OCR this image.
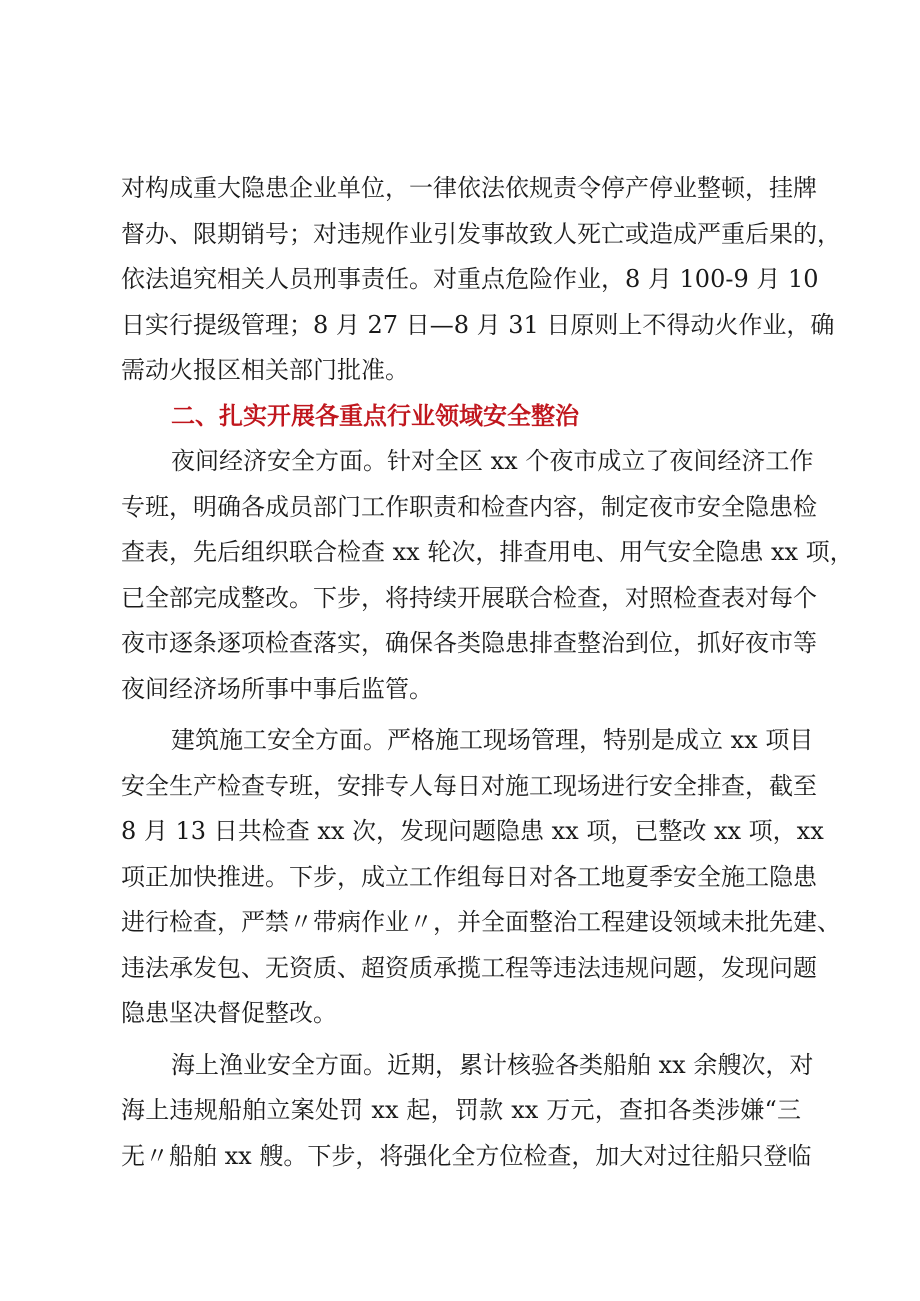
对构成重大隐患企业单位，一律依法依规责令停产停业整顿，挂牌
督办、限期销号；对违规作业引发事故致人死亡或造成严重后果的，
依法追究相关人员刑事责任。对重点危险作业，8 月 100-9 月 10
日实行提级管理；8 月 27 日—8 月 31 日原则上不得动火作业，确
需动火报区相关部门批准。
二、扎实开展各重点行业领域安全整治
夜间经济安全方面。针对全区 xx 个夜市成立了夜间经济工作
专班，明确各成员部门工作职责和检查内容，制定夜市安全隐患检
查表，先后组织联合检查 xx 轮次，排查用电、用气安全隐患 xx 项，
已全部完成整改。下步，将持续开展联合检查，对照检查表对每个
夜市逐条逐项检查落实，确保各类隐患排查整治到位，抓好夜市等
夜间经济场所事中事后监管。
建筑施工安全方面。严格施工现场管理，特别是成立 xx 项目
安全生产检查专班，安排专人每日对施工现场进行安全排查，截至
8 月 13 日共检查 xx 次，发现问题隐患 xx 项，已整改 xx 项，xx
项正加快推进。下步，成立工作组每日对各工地夏季安全施工隐患
进行检查，严禁〃带病作业〃，并全面整治工程建设领域未批先建、
违法承发包、无资质、超资质承揽工程等违法违规问题，发现问题
隐患坚决督促整改。
海上渔业安全方面。近期，累计核验各类船舶 xx 余艘次，对
海上违规船舶立案处罚 xx 起，罚款 xx 万元，查扣各类涉嫌“三
无〃船舶 xx 艘。下步，将强化全方位检查，加大对过往船只登临
